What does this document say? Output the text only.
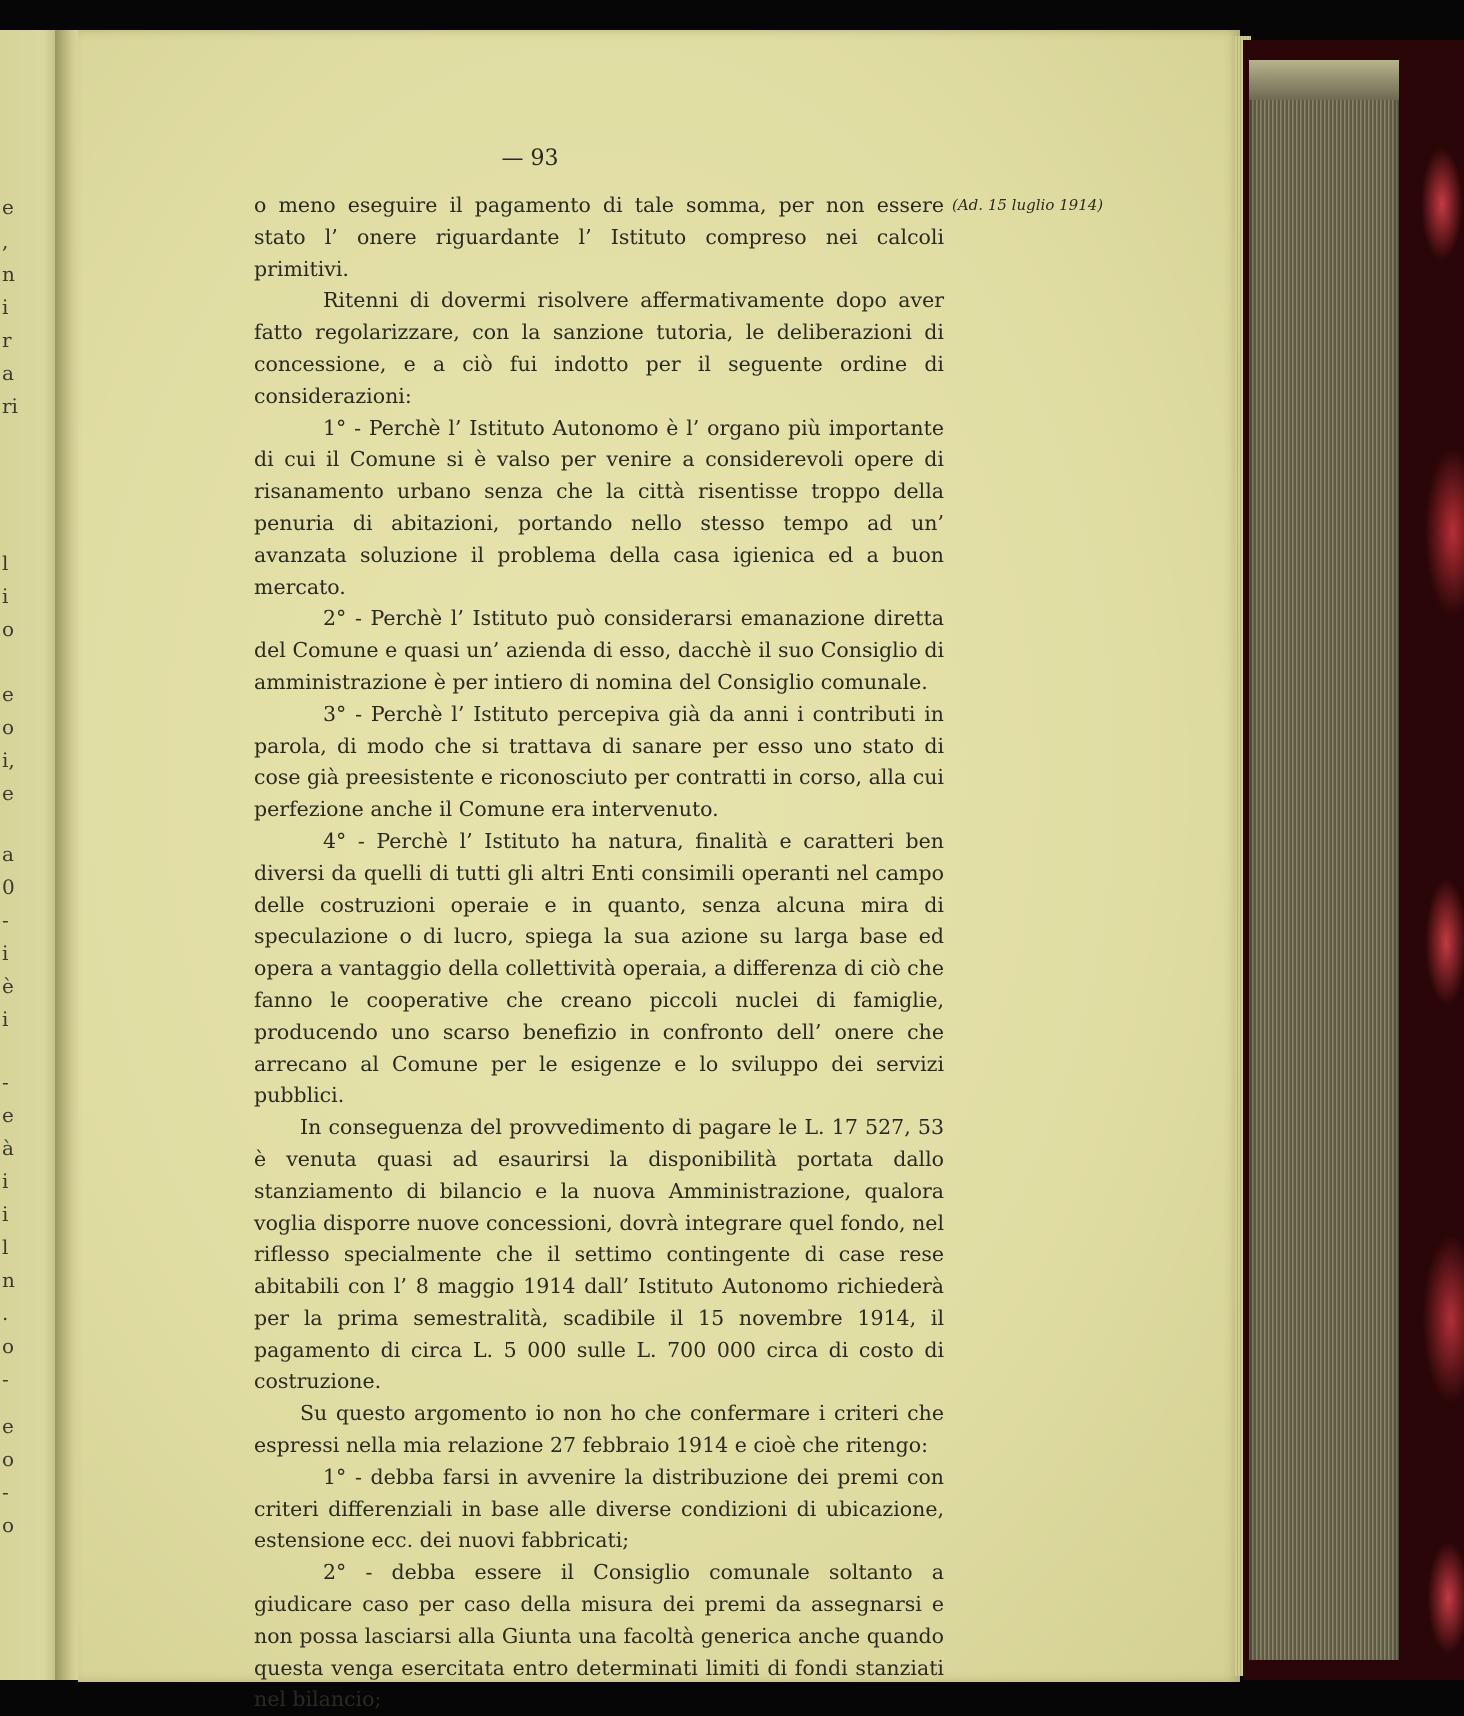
e
,
n
i
r
a
ri
l
i
o
e
o
i,
e
a
0
-
i
è
i
-
e
à
i
i
l
n
.
o
-
e
o
-
o
— 93
(Ad. 15 luglio 1914)

o meno eseguire il pagamento di tale somma, per non essere stato l’ onere riguardante l’ Istituto compreso nei calcoli primitivi.

Ritenni di dovermi risolvere affermativamente dopo aver fatto regolarizzare, con la sanzione tutoria, le deliberazioni di concessione, e a ciò fui indotto per il seguente ordine di considerazioni:

1° - Perchè l’ Istituto Autonomo è l’ organo più importante di cui il Comune si è valso per venire a considerevoli opere di risanamento urbano senza che la città risentisse troppo della penuria di abitazioni, portando nello stesso tempo ad un’ avanzata soluzione il problema della casa igienica ed a buon mercato.

2° - Perchè l’ Istituto può considerarsi emanazione diretta del Comune e quasi un’ azienda di esso, dacchè il suo Consiglio di amministrazione è per intiero di nomina del Consiglio comunale.

3° - Perchè l’ Istituto percepiva già da anni i contributi in parola, di modo che si trattava di sanare per esso uno stato di cose già preesistente e riconosciuto per contratti in corso, alla cui perfezione anche il Comune era intervenuto.

4° - Perchè l’ Istituto ha natura, finalità e caratteri ben diversi da quelli di tutti gli altri Enti consimili operanti nel campo delle costruzioni operaie e in quanto, senza alcuna mira di speculazione o di lucro, spiega la sua azione su larga base ed opera a vantaggio della collettività operaia, a differenza di ciò che fanno le cooperative che creano piccoli nuclei di famiglie, producendo uno scarso benefizio in confronto dell’ onere che arrecano al Comune per le esigenze e lo sviluppo dei servizi pubblici.

In conseguenza del provvedimento di pagare le L. 17 527, 53 è venuta quasi ad esaurirsi la disponibilità portata dallo stanziamento di bilancio e la nuova Amministrazione, qualora voglia disporre nuove concessioni, dovrà integrare quel fondo, nel riflesso specialmente che il settimo contingente di case rese abitabili con l’ 8 maggio 1914 dall’ Istituto Autonomo richiederà per la prima semestralità, scadibile il 15 novembre 1914, il pagamento di circa L. 5 000 sulle L. 700 000 circa di costo di costruzione.

Su questo argomento io non ho che confermare i criteri che espressi nella mia relazione 27 febbraio 1914 e cioè che ritengo:

1° - debba farsi in avvenire la distribuzione dei premi con criteri differenziali in base alle diverse condizioni di ubicazione, estensione ecc. dei nuovi fabbricati;

2° - debba essere il Consiglio comunale soltanto a giudicare caso per caso della misura dei premi da assegnarsi e non possa lasciarsi alla Giunta una facoltà generica anche quando questa venga esercitata entro determinati limiti di fondi stanziati nel bilancio;
